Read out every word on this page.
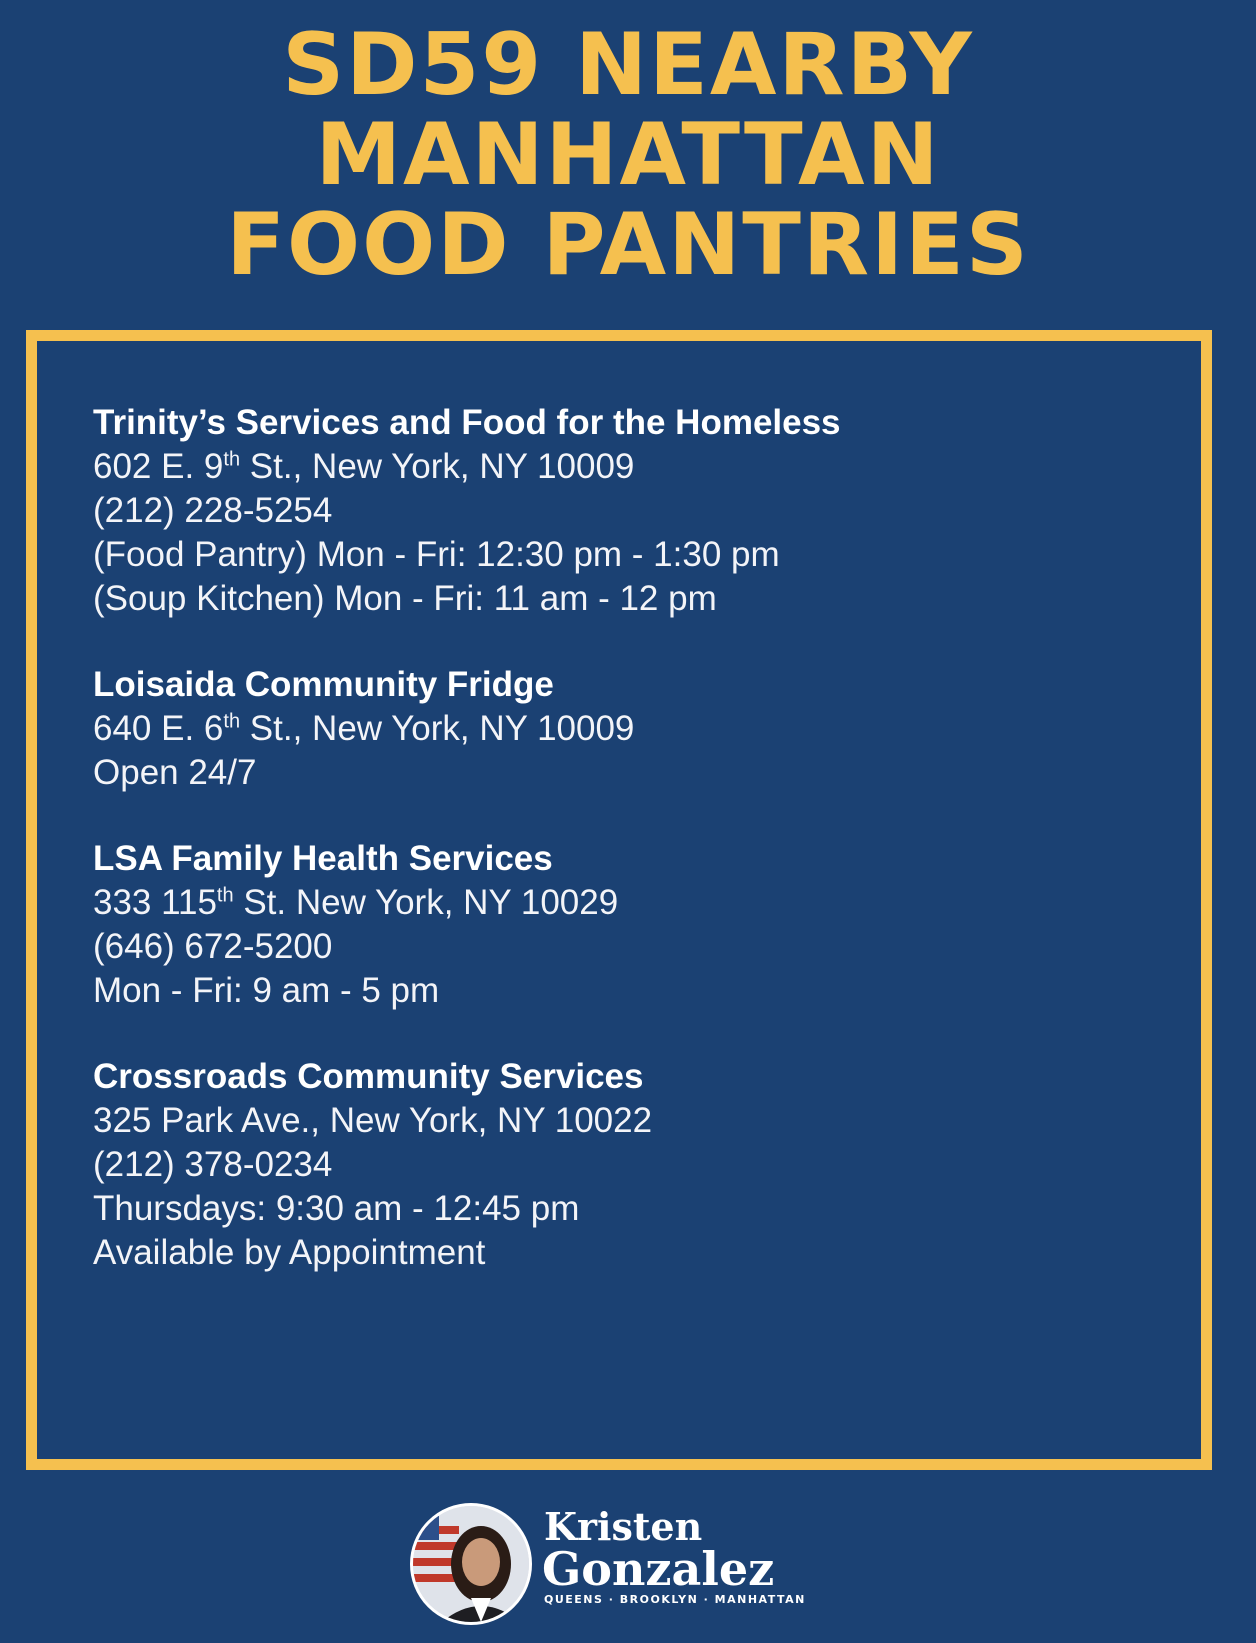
SD59 NEARBY
MANHATTAN
FOOD PANTRIES
Trinity’s Services and Food for the Homeless
602 E. 9th St., New York, NY 10009
(212) 228-5254
(Food Pantry) Mon - Fri: 12:30 pm - 1:30 pm
(Soup Kitchen) Mon - Fri: 11 am - 12 pm
Loisaida Community Fridge
640 E. 6th St., New York, NY 10009
Open 24/7
LSA Family Health Services
333 115th St. New York, NY 10029
(646) 672-5200
Mon - Fri: 9 am - 5 pm
Crossroads Community Services
325 Park Ave., New York, NY 10022
(212) 378-0234
Thursdays: 9:30 am - 12:45 pm
Available by Appointment
Kristen
Gonzalez
QUEENS · BROOKLYN · MANHATTAN
